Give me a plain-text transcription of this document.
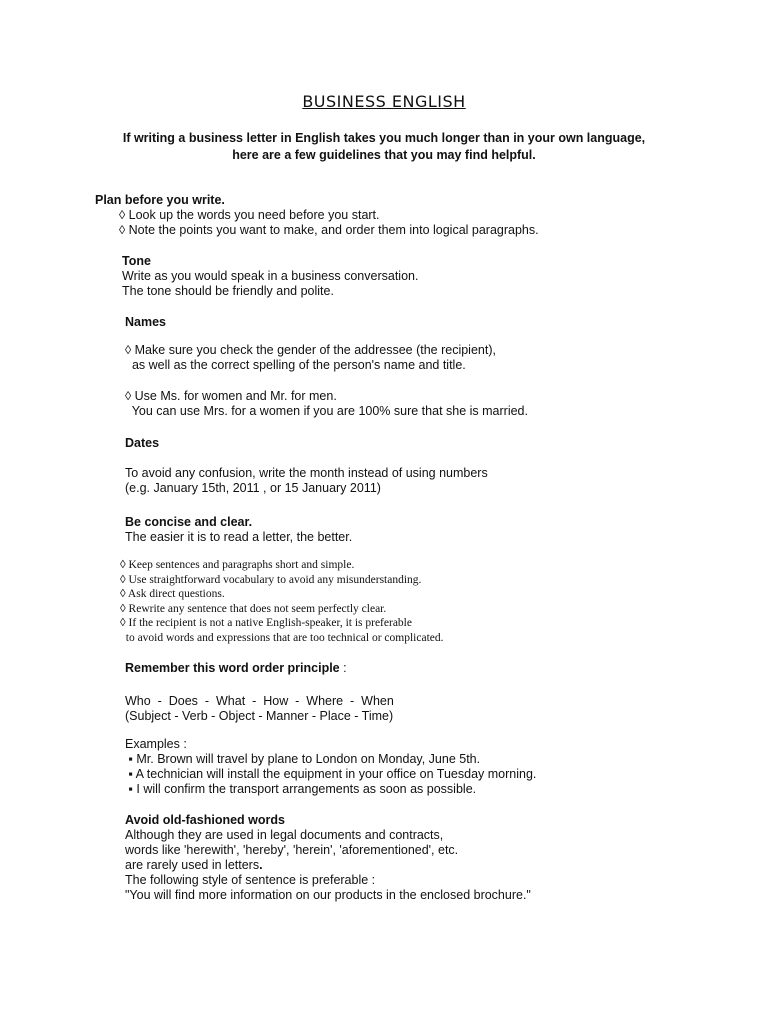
BUSINESS ENGLISH
If writing a business letter in English takes you much longer than in your own language,
here are a few guidelines that you may find helpful.
Plan before you write.
◊ Look up the words you need before you start.
◊ Note the points you want to make, and order them into logical paragraphs.
Tone
Write as you would speak in a business conversation.
The tone should be friendly and polite.
Names
◊ Make sure you check the gender of the addressee (the recipient),
as well as the correct spelling of the person's name and title.
◊ Use Ms. for women and Mr. for men.
You can use Mrs. for a women if you are 100% sure that she is married.
Dates
To avoid any confusion, write the month instead of using numbers
(e.g. January 15th, 2011 , or 15 January 2011)
Be concise and clear.
The easier it is to read a letter, the better.
◊ Keep sentences and paragraphs short and simple.
◊ Use straightforward vocabulary to avoid any misunderstanding.
◊ Ask direct questions.
◊ Rewrite any sentence that does not seem perfectly clear.
◊ If the recipient is not a native English-speaker, it is preferable
to avoid words and expressions that are too technical or complicated.
Remember this word order principle :
Who  -  Does  -  What  -  How  -  Where  -  When
(Subject - Verb - Object - Manner - Place - Time)
Examples :
▪ Mr. Brown will travel by plane to London on Monday, June 5th.
▪ A technician will install the equipment in your office on Tuesday morning.
▪ I will confirm the transport arrangements as soon as possible.
Avoid old-fashioned words
Although they are used in legal documents and contracts,
words like 'herewith', 'hereby', 'herein', 'aforementioned', etc.
are rarely used in letters.
The following style of sentence is preferable :
"You will find more information on our products in the enclosed brochure."
